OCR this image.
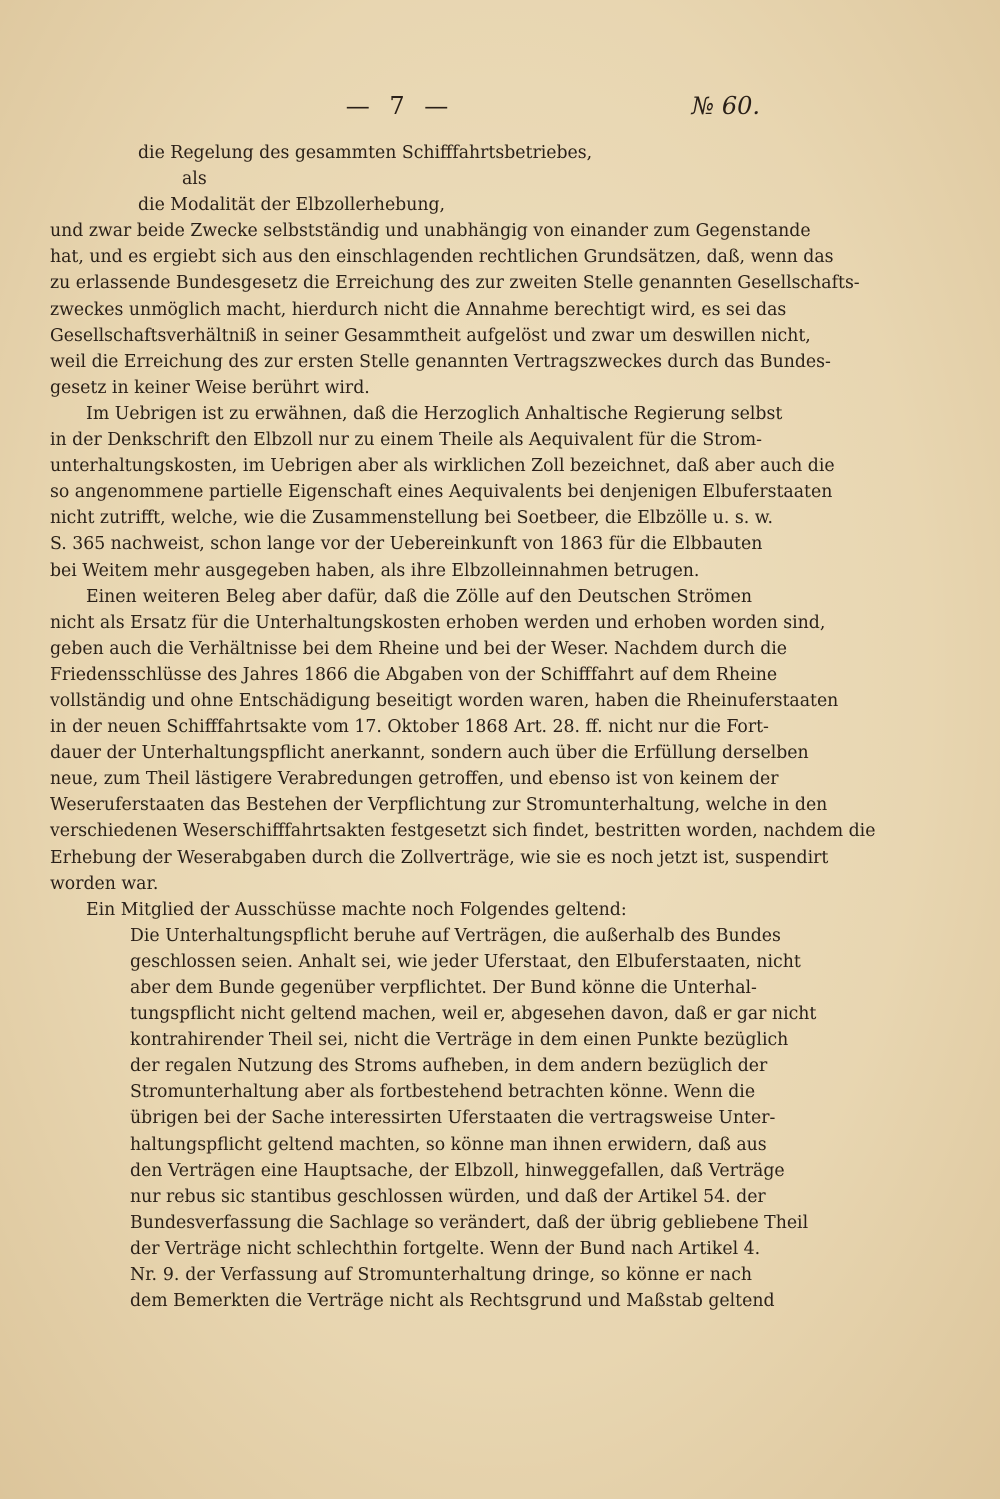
— 7 —	№ 60.
die Regelung des gesammten Schifffahrtsbetriebes,
als
die Modalität der Elbzollerhebung,
und zwar beide Zwecke selbstständig und unabhängig von einander zum Gegenstande
hat, und es ergiebt sich aus den einschlagenden rechtlichen Grundsätzen, daß, wenn das
zu erlassende Bundesgesetz die Erreichung des zur zweiten Stelle genannten Gesellschafts-
zweckes unmöglich macht, hierdurch nicht die Annahme berechtigt wird, es sei das
Gesellschaftsverhältniß in seiner Gesammtheit aufgelöst und zwar um deswillen nicht,
weil die Erreichung des zur ersten Stelle genannten Vertragszweckes durch das Bundes-
gesetz in keiner Weise berührt wird.
Im Uebrigen ist zu erwähnen, daß die Herzoglich Anhaltische Regierung selbst
in der Denkschrift den Elbzoll nur zu einem Theile als Aequivalent für die Strom-
unterhaltungskosten, im Uebrigen aber als wirklichen Zoll bezeichnet, daß aber auch die
so angenommene partielle Eigenschaft eines Aequivalents bei denjenigen Elbuferstaaten
nicht zutrifft, welche, wie die Zusammenstellung bei Soetbeer, die Elbzölle u. s. w.
S. 365 nachweist, schon lange vor der Uebereinkunft von 1863 für die Elbbauten
bei Weitem mehr ausgegeben haben, als ihre Elbzolleinnahmen betrugen.
Einen weiteren Beleg aber dafür, daß die Zölle auf den Deutschen Strömen
nicht als Ersatz für die Unterhaltungskosten erhoben werden und erhoben worden sind,
geben auch die Verhältnisse bei dem Rheine und bei der Weser. Nachdem durch die
Friedensschlüsse des Jahres 1866 die Abgaben von der Schifffahrt auf dem Rheine
vollständig und ohne Entschädigung beseitigt worden waren, haben die Rheinuferstaaten
in der neuen Schifffahrtsakte vom 17. Oktober 1868 Art. 28. ff. nicht nur die Fort-
dauer der Unterhaltungspflicht anerkannt, sondern auch über die Erfüllung derselben
neue, zum Theil lästigere Verabredungen getroffen, und ebenso ist von keinem der
Weseruferstaaten das Bestehen der Verpflichtung zur Stromunterhaltung, welche in den
verschiedenen Weserschifffahrtsakten festgesetzt sich findet, bestritten worden, nachdem die
Erhebung der Weserabgaben durch die Zollverträge, wie sie es noch jetzt ist, suspendirt
worden war.
Ein Mitglied der Ausschüsse machte noch Folgendes geltend:
Die Unterhaltungspflicht beruhe auf Verträgen, die außerhalb des Bundes
geschlossen seien. Anhalt sei, wie jeder Uferstaat, den Elbuferstaaten, nicht
aber dem Bunde gegenüber verpflichtet. Der Bund könne die Unterhal-
tungspflicht nicht geltend machen, weil er, abgesehen davon, daß er gar nicht
kontrahirender Theil sei, nicht die Verträge in dem einen Punkte bezüglich
der regalen Nutzung des Stroms aufheben, in dem andern bezüglich der
Stromunterhaltung aber als fortbestehend betrachten könne. Wenn die
übrigen bei der Sache interessirten Uferstaaten die vertragsweise Unter-
haltungspflicht geltend machten, so könne man ihnen erwidern, daß aus
den Verträgen eine Hauptsache, der Elbzoll, hinweggefallen, daß Verträge
nur rebus sic stantibus geschlossen würden, und daß der Artikel 54. der
Bundesverfassung die Sachlage so verändert, daß der übrig gebliebene Theil
der Verträge nicht schlechthin fortgelte. Wenn der Bund nach Artikel 4.
Nr. 9. der Verfassung auf Stromunterhaltung dringe, so könne er nach
dem Bemerkten die Verträge nicht als Rechtsgrund und Maßstab geltend
